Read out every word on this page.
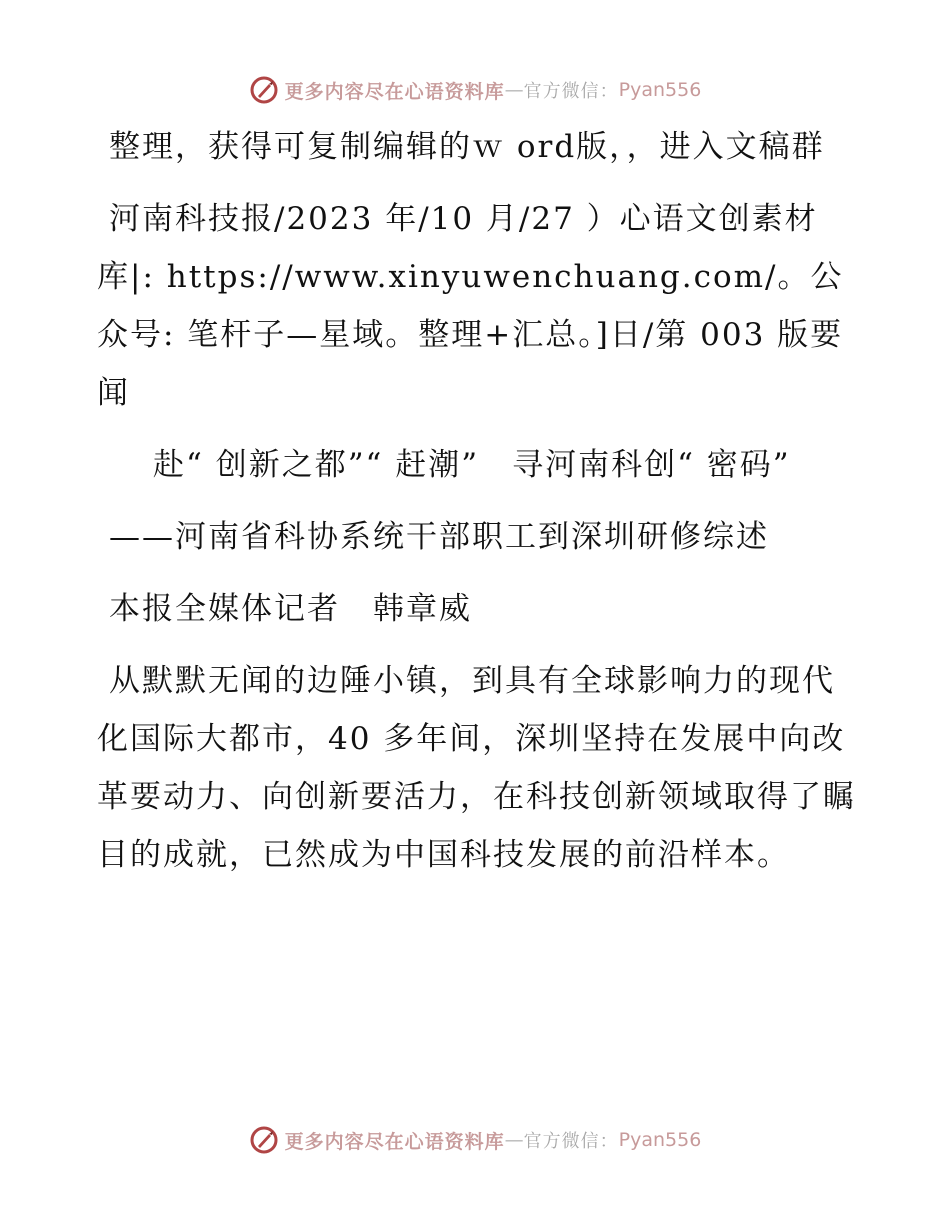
更多内容尽在心语资料库 — 官方微信： Pyan556

整理，获得可复制编辑的ｗ ord版，，进入文稿群

河南科技报/2023 年/10 月/27 ）心语文创素材库|: https://www.xinyuwenchuang.com/。公众号: 笔杆子—星域。整理+汇总。]日/第 003 版要闻

赴“ 创新之都”“ 赶潮”　寻河南科创“ 密码”

——河南省科协系统干部职工到深圳研修综述

本报全媒体记者　韩章威

从默默无闻的边陲小镇，到具有全球影响力的现代化国际大都市，40 多年间，深圳坚持在发展中向改革要动力、向创新要活力，在科技创新领域取得了瞩目的成就，已然成为中国科技发展的前沿样本。

更多内容尽在心语资料库 — 官方微信： Pyan556
